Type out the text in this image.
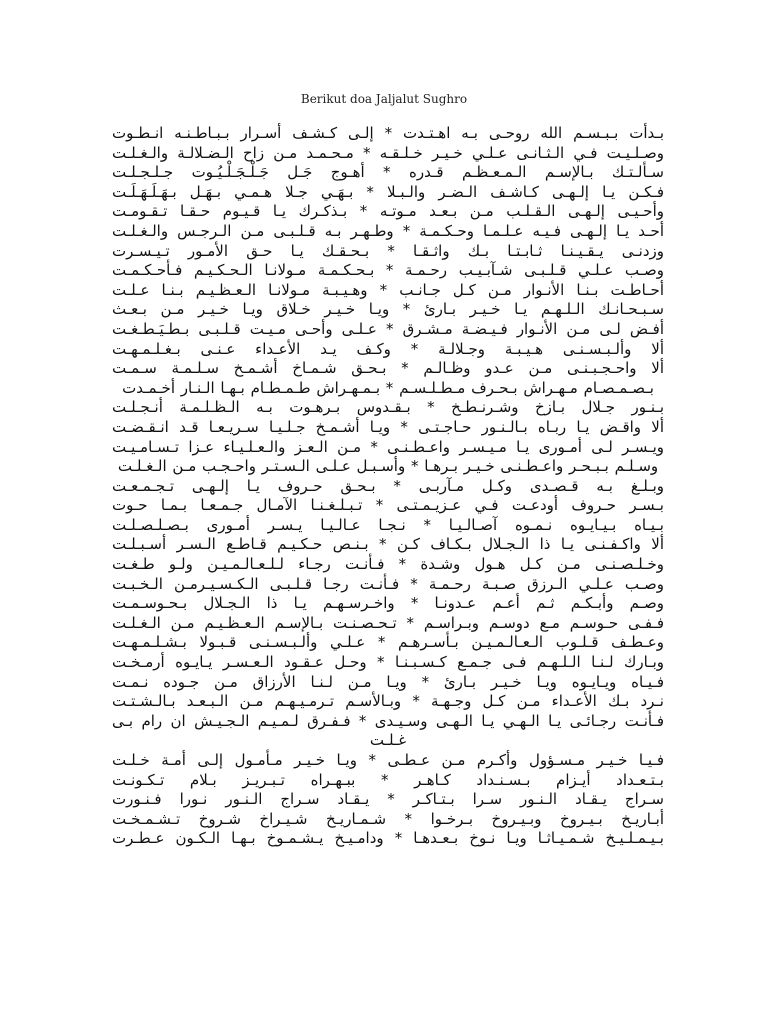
Berikut doa Jaljalut Sughro
بـدأت بـبـسـم الله روحـى بـه اهـتـدت * إلـى كـشـف أسـرار بـبـاطـنـه انـطـوت
وصـلـيـت فـي الـثـانـى عـلـي خـيـر خـلـقـه * مـحـمـد مـن زاح الـضـلالـة والـغـلـت
سـألـتـك بـالإسـم الـمـعـظـم قـدره * أهـوج جَـل جَـلْـجَـلْـيُـوت جـلـجـلـت
فـكـن يـا إلـهـى كـاشـف الـضـر والـبـلا * بـهَـي جـلا هـمـي بـهَـل بـهَـلَـهَـلَـت
وأحـيـى إلـهـى الـقـلـب مـن بـعـد مـوتـه * بـذكـرك يـا قـيـوم حـقـا تـقـومـت
أحـد يـا إلـهـى فـيـه عـلـمـا وحـكـمـة * وطـهـر بـه قـلـبـى مـن الـرجـس والـغـلـت
وزدنـى يـقـيـنـا ثـابـتـا بـك واثـقـا * بـحـقـك يـا حـق الأمـور تـيـسـرت
وصـب عـلـي قـلـبـى شـآبـيـب رحـمـة * بـحـكـمـة مـولانـا الـحـكـيـم فـأحـكـمـت
أحـاطـت بـنـا الأنـوار مـن كـل جـانـب * وهـيـبـة مـولانـا الـعـظـيـم بـنـا عـلـت
سـبـحـانـك الـلـهـم يـا خـيـر بـارئ * ويـا خـيـر خـلاق ويـا خـيـر مـن بـعـث
أفـض لـى مـن الأنـوار فـيـضـة مـشـرق * عـلـى وأحـى مـيـت قـلـبـى بـطـيَـطـغـت
ألا وألـبـسـنـى هـيـبـة وجـلالـة * وكـف يـد الأعـداء عـنـى بـغـلـمـهـت
ألا واحـجـبـنـى مـن عـدو وظـالـم * بـحـق شـمـاخ أشـمـخ سـلـمـة سـمـت
بـصـمـصـام مـهـراش بـحـرف مـطـلـسـم * بـمـهـراش طـمـطـام بـهـا الـنـار أخـمـدت
بـنـور جـلال بـازخ وشـرنـطـخ * بـقـدوس بـرهـوت بـه الـظـلـمـة أنـجـلـت
ألا واقـض يـا ربـاه بـالـنـور حـاجـتـى * ويـا أشـمـخ جـلـيـا سـريـعـا قـد انـقـضـت
ويـسـر لـى أمـورى يـا مـيـسـر واعـطـنـى * مـن الـعـز والـعـلـيـاء عـزا تـسـامـيـت
وسـلـم بـبـحـر واعـطـنـى خـيـر بـرهـا * وأسـبـل عـلـى الـسـتـر واحـجـب مـن الـغـلـت
وبـلـغ بـه قـصـدى وكـل مـآربـى * بـحـق حـروف يـا إلـهـى تـجـمـعـت
بـسـر حـروف أودعـت فـي عـزيـمـتـى * تـبـلـغـنـا الآمـال جـمـعـا بـمـا حـوت
بـيـاه بـيـايـوه نـمـوه آصـالـيـا * نـجـا عـالـيـا يـسـر أمـورى بـصـلـصـلـت
ألا واكـفـنـى يـا ذا الـجـلال بـكـاف كـن * بـنـص حـكـيـم قـاطـع الـسـر أسـبـلـت
وخـلـصـنـى مـن كـل هـول وشـدة * فـأنـت رجـاء لـلـعـالـمـيـن ولـو طـغـت
وصـب عـلـي الـرزق صـبـة رحـمـة * فـأنـت رجـا قـلـبـى الـكـسـيـرمـن الـخـبـت
وصـم وأبـكـم ثـم أعـم عـدونـا * واخـرسـهـم يـا ذا الـجـلال بـحـوسـمـت
فـفـى حـوسـم مـع دوسـم وبـراسـم * تـحـصـنـت بـالإسـم الـعـظـيـم مـن الـغـلـت
وعـطـف قـلـوب الـعـالـمـيـن بـأسـرهـم * عـلـي وألـبـسـنـى قـبـولا بـشـلـمـهـت
وبـارك لـنـا الـلـهـم فـى جـمـع كـسـبـنـا * وحـل عـقـود الـعـسـر يـايـوه أرمـخـت
فـيـاه ويـايـوه ويـا خـيـر بـارئ * ويـا مـن لـنـا الأرزاق مـن جـوده نـمـت
نـرد بـك الأعـداء مـن كـل وجـهـة * وبـالأسـم تـرمـيـهـم مـن الـبـعـد بـالـشـتـت
فـأنـت رجـائـى يـا الـهـي يـا الـهـى وسـيـدى * فـفـرق لـمـيـم الـجـيـش ان رام بـى غـلـت
فـيـا خـيـر مـسـؤول وأكـرم مـن عـطـى * ويـا خـيـر مـأمـول إلـى أمـة خـلـت
بـتـعـداد أيـزام بـسـنـداد كـاهـر * ببـهـراه تـبـريـز بـلام تـكـونـت
سـراج يـقـاد الـنـور سـرا بـتـاكـر * يـقـاد سـراج الـنـور نـورا فـنـورت
أبـاريـخ بـيـروخ وبـيـروخ بـرخـوا * شـمـاريـخ شـيـراخ شـروخ تـشـمـخـت
بـيـمـلـيـخ شـمـيـاثـا ويـا نـوخ بـعـدهـا * ودامـيـخ يـشـمـوخ بـهـا الـكـون عـطـرت
